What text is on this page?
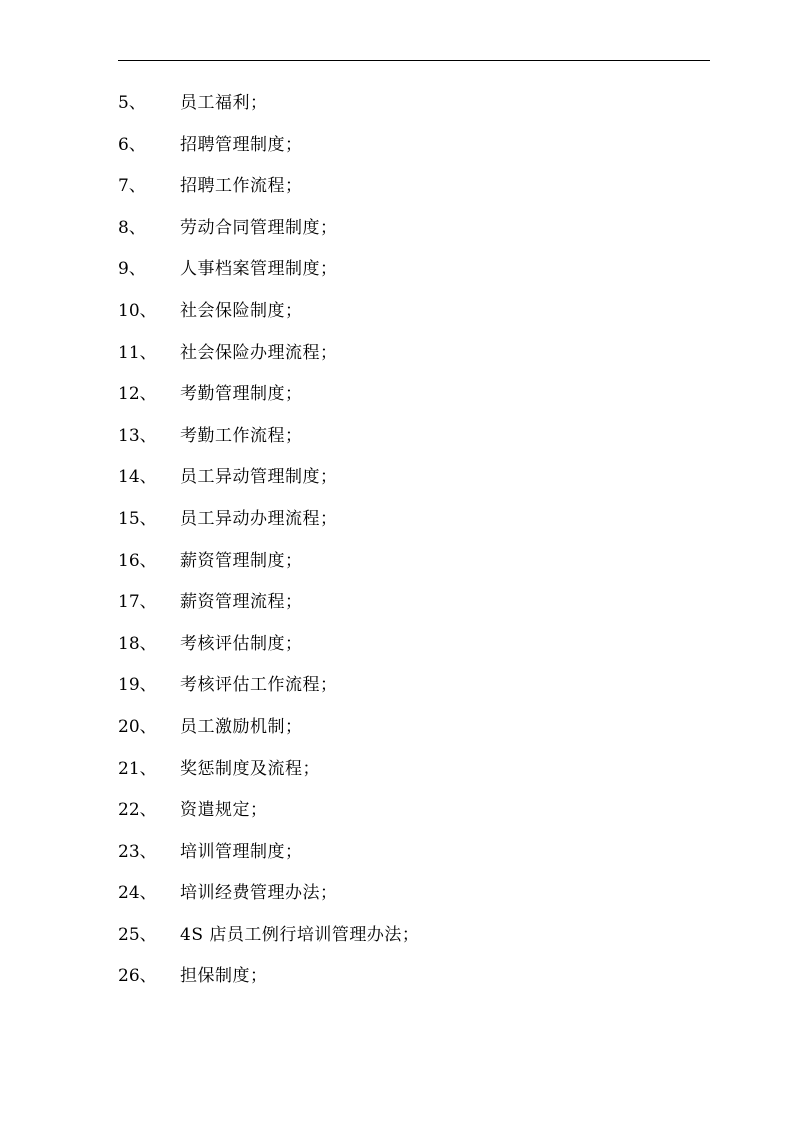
5、 员工福利；
6、 招聘管理制度；
7、 招聘工作流程；
8、 劳动合同管理制度；
9、 人事档案管理制度；
10、 社会保险制度；
11、 社会保险办理流程；
12、 考勤管理制度；
13、 考勤工作流程；
14、 员工异动管理制度；
15、 员工异动办理流程；
16、 薪资管理制度；
17、 薪资管理流程；
18、 考核评估制度；
19、 考核评估工作流程；
20、 员工激励机制；
21、 奖惩制度及流程；
22、 资遣规定；
23、 培训管理制度；
24、 培训经费管理办法；
25、 4S 店员工例行培训管理办法；
26、 担保制度；
